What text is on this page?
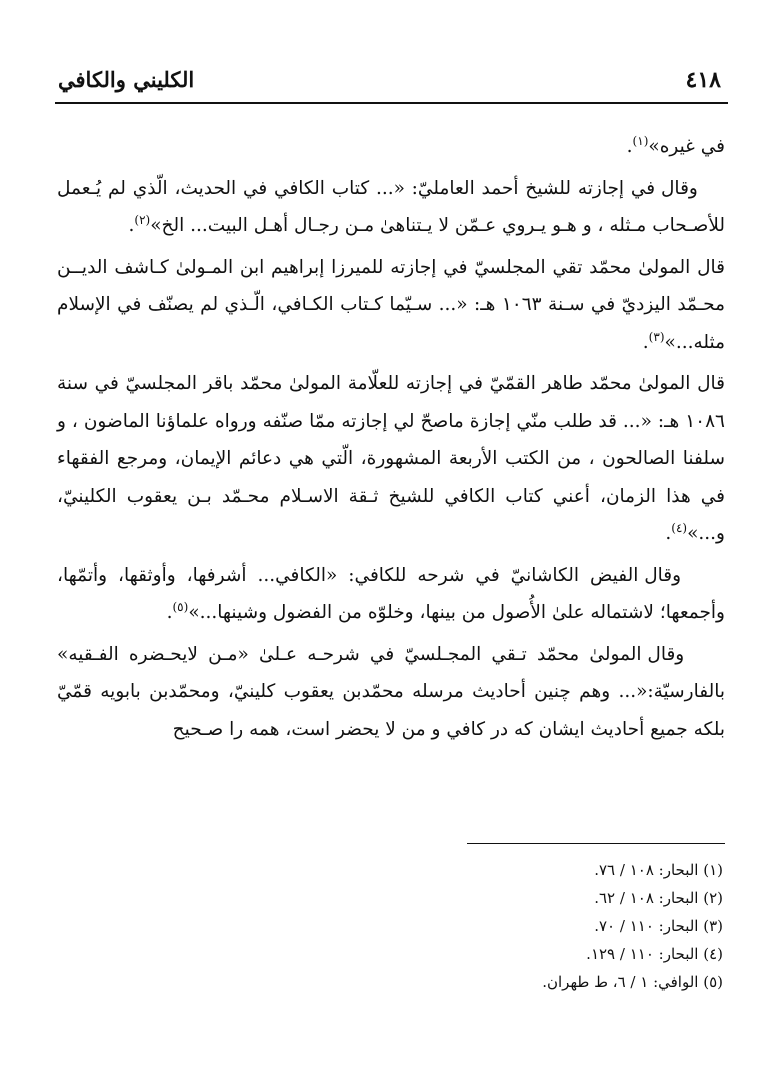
٤١٨
الكليني والكافي

في غيره»$^{(١)}$.

وقال في إجازته للشيخ أحمد العامليّ: «... كتاب الكافي في الحديث، الّذي لم يُـعمل للأصـحاب مـثله ، و هـو يـروي عـمّن لا يـتناهىٰ مـن رجـال أهـل البيت... الخ»$^{(٢)}$.

قال المولىٰ محمّد تقي المجلسيّ في إجازته للميرزا إبراهيم ابن المـولىٰ كـاشف الديــن محـمّد اليزديّ في سـنة ١٠٦٣ هـ: «... سـيّما كـتاب الكـافي، الّـذي لم يصنّف في الإسلام مثله...»$^{(٣)}$.

قال المولىٰ محمّد طاهر القمّيّ في إجازته للعلّامة المولىٰ محمّد باقر المجلسيّ في سنة ١٠٨٦ هـ: «... قد طلب منّي إجازة ماصحّ لي إجازته ممّا صنّفه ورواه علماؤنا الماضون ، و سلفنا الصالحون ، من الكتب الأربعة المشهورة، الّتي هي دعائم الإيمان، ومرجع الفقهاء في هذا الزمان، أعني كتاب الكافي للشيخ ثـقة الاسـلام محـمّد بـن يعقوب الكلينيّ، و...»$^{(٤)}$.

وقال الفيض الكاشانيّ في شرحه للكافي: «الكافي... أشرفها، وأوثقها، وأتمّها، وأجمعها؛ لاشتماله علىٰ الأُصول من بينها، وخلوّه من الفضول وشينها...»$^{(٥)}$.

وقال المولىٰ محمّد تـقي المجـلسيّ في شرحـه عـلىٰ «مـن لايحـضره الفـقيه» بالفارسيّة:«... وهم چنين أحاديث مرسله محمّدبن يعقوب كلينيّ، ومحمّدبن بابويه قمّيّ بلكه جميع أحاديث ايشان كه در كافي و من لا يحضر است، همه را صـحيح

(١) البحار: ١٠٨ / ٧٦.
(٢) البحار: ١٠٨ / ٦٢.
(٣) البحار: ١١٠ / ٧٠.
(٤) البحار: ١١٠ / ١٢٩.
(٥) الوافي: ١ / ٦، ط طهران.
